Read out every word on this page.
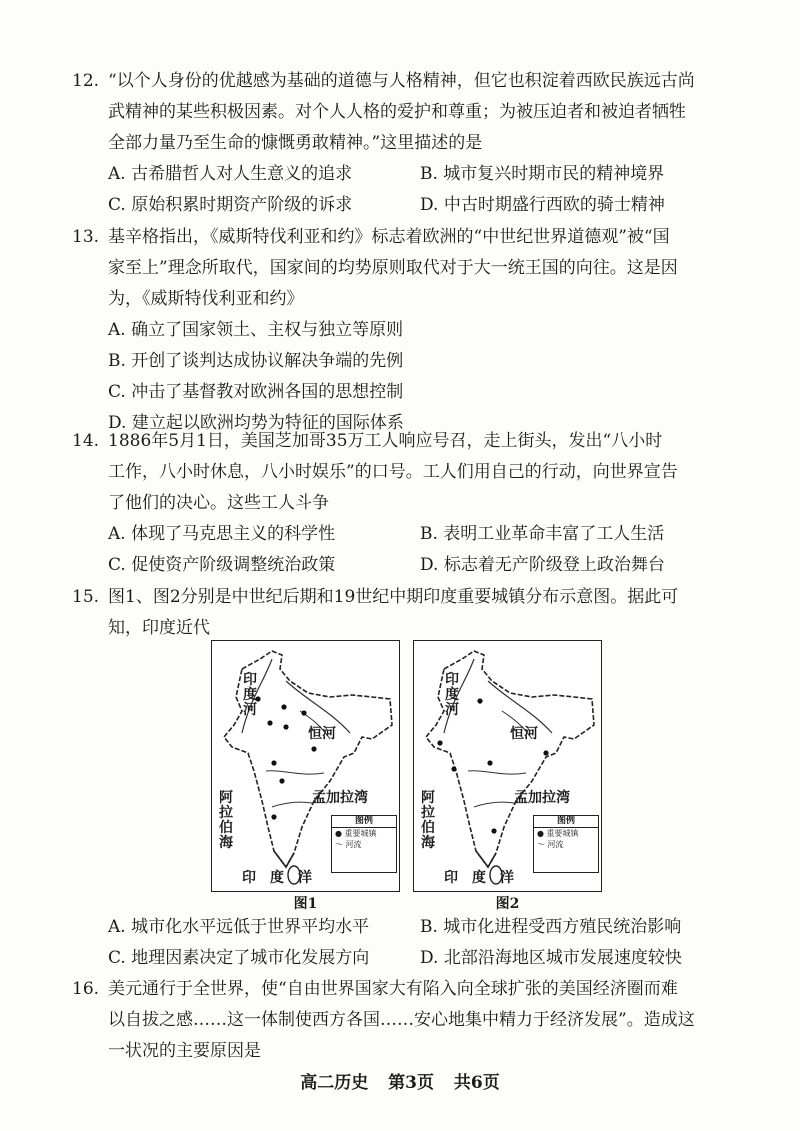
12. “以个人身份的优越感为基础的道德与人格精神，但它也积淀着西欧民族远古尚
武精神的某些积极因素。对个人人格的爱护和尊重；为被压迫者和被迫者牺牲
全部力量乃至生命的慷慨勇敢精神。”这里描述的是
A. 古希腊哲人对人生意义的追求	B. 城市复兴时期市民的精神境界
C. 原始积累时期资产阶级的诉求	D. 中古时期盛行西欧的骑士精神
13. 基辛格指出，《威斯特伐利亚和约》标志着欧洲的“中世纪世界道德观”被“国
家至上”理念所取代，国家间的均势原则取代对于大一统王国的向往。这是因
为，《威斯特伐利亚和约》
A. 确立了国家领土、主权与独立等原则
B. 开创了谈判达成协议解决争端的先例
C. 冲击了基督教对欧洲各国的思想控制
D. 建立起以欧洲均势为特征的国际体系
14. 1886年5月1日，美国芝加哥35万工人响应号召，走上街头，发出“八小时
工作，八小时休息，八小时娱乐”的口号。工人们用自己的行动，向世界宣告
了他们的决心。这些工人斗争
A. 体现了马克思主义的科学性	B. 表明工业革命丰富了工人生活
C. 促使资产阶级调整统治政策	D. 标志着无产阶级登上政治舞台
15. 图1、图2分别是中世纪后期和19世纪中期印度重要城镇分布示意图。据此可
知，印度近代
印度河
恒河
孟加拉湾
阿拉伯海
印　度　洋
图例
● 重要城镇
〜 河流
图1
印度河
恒河
孟加拉湾
阿拉伯海
印　度　洋
图例
● 重要城镇
〜 河流
图2
A. 城市化水平远低于世界平均水平	B. 城市化进程受西方殖民统治影响
C. 地理因素决定了城市化发展方向	D. 北部沿海地区城市发展速度较快
16. 美元通行于全世界，使“自由世界国家大有陷入向全球扩张的美国经济圈而难
以自拔之感……这一体制使西方各国……安心地集中精力于经济发展”。造成这
一状况的主要原因是
高二历史 第3页 共6页
